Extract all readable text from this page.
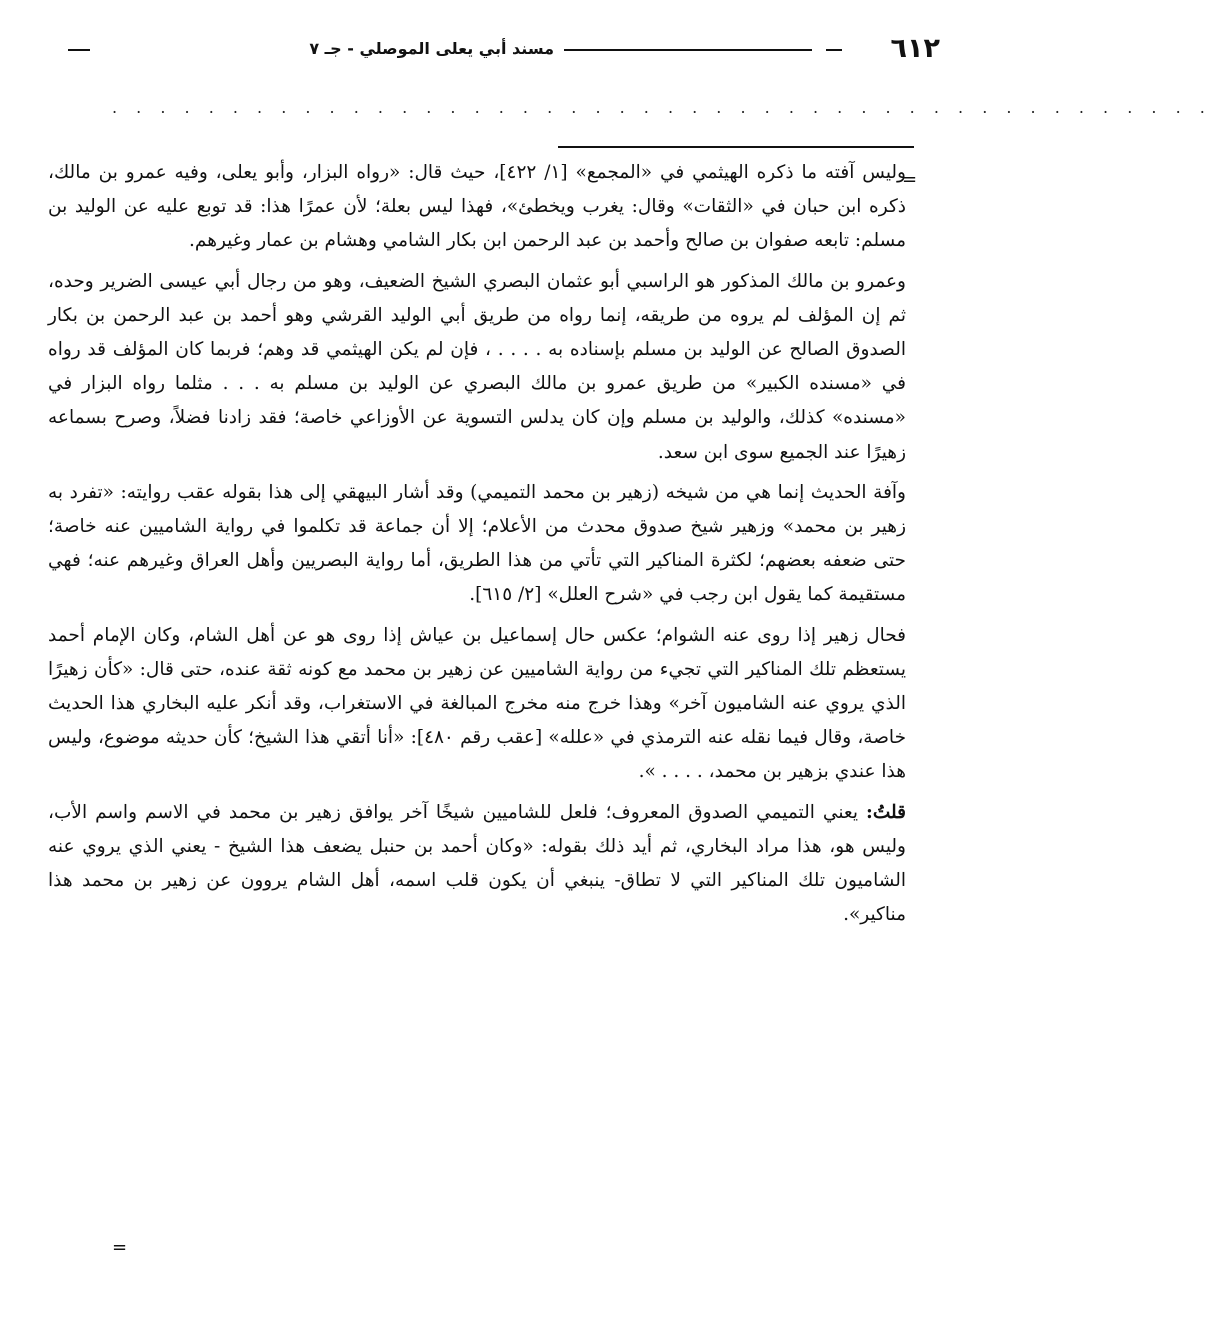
٦١٢
مسند أبي يعلى الموصلي - جـ ٧
. . . . . . . . . . . . . . . . . . . . . . . . . . . . . . . . . . . . . . . . . . . . . .
=

وليس آفته ما ذكره الهيثمي في «المجمع» [١/ ٤٢٢]، حيث قال: «رواه البزار، وأبو يعلى، وفيه عمرو بن مالك، ذكره ابن حبان في «الثقات» وقال: يغرب ويخطئ»، فهذا ليس بعلة؛ لأن عمرًا هذا: قد توبع عليه عن الوليد بن مسلم: تابعه صفوان بن صالح وأحمد بن عبد الرحمن ابن بكار الشامي وهشام بن عمار وغيرهم.

وعمرو بن مالك المذكور هو الراسبي أبو عثمان البصري الشيخ الضعيف، وهو من رجال أبي عيسى الضرير وحده، ثم إن المؤلف لم يروه من طريقه، إنما رواه من طريق أبي الوليد القرشي وهو أحمد بن عبد الرحمن بن بكار الصدوق الصالح عن الوليد بن مسلم بإسناده به . . . . ، فإن لم يكن الهيثمي قد وهم؛ فربما كان المؤلف قد رواه في «مسنده الكبير» من طريق عمرو بن مالك البصري عن الوليد بن مسلم به . . . مثلما رواه البزار في «مسنده» كذلك، والوليد بن مسلم وإن كان يدلس التسوية عن الأوزاعي خاصة؛ فقد زادنا فضلاً، وصرح بسماعه زهيرًا عند الجميع سوى ابن سعد.

وآفة الحديث إنما هي من شيخه (زهير بن محمد التميمي) وقد أشار البيهقي إلى هذا بقوله عقب روايته: «تفرد به زهير بن محمد» وزهير شيخ صدوق محدث من الأعلام؛ إلا أن جماعة قد تكلموا في رواية الشاميين عنه خاصة؛ حتى ضعفه بعضهم؛ لكثرة المناكير التي تأتي من هذا الطريق، أما رواية البصريين وأهل العراق وغيرهم عنه؛ فهي مستقيمة كما يقول ابن رجب في «شرح العلل» [٢/ ٦١٥].

فحال زهير إذا روى عنه الشوام؛ عكس حال إسماعيل بن عياش إذا روى هو عن أهل الشام، وكان الإمام أحمد يستعظم تلك المناكير التي تجيء من رواية الشاميين عن زهير بن محمد مع كونه ثقة عنده، حتى قال: «كأن زهيرًا الذي يروي عنه الشاميون آخر» وهذا خرج منه مخرج المبالغة في الاستغراب، وقد أنكر عليه البخاري هذا الحديث خاصة، وقال فيما نقله عنه الترمذي في «علله» [عقب رقم ٤٨٠]: «أنا أتقي هذا الشيخ؛ كأن حديثه موضوع، وليس هذا عندي بزهير بن محمد، . . . . ».

قلتُ: يعني التميمي الصدوق المعروف؛ فلعل للشاميين شيخًا آخر يوافق زهير بن محمد في الاسم واسم الأب، وليس هو، هذا مراد البخاري، ثم أيد ذلك بقوله: «وكان أحمد بن حنبل يضعف هذا الشيخ - يعني الذي يروي عنه الشاميون تلك المناكير التي لا تطاق- ينبغي أن يكون قلب اسمه، أهل الشام يروون عن زهير بن محمد هذا مناكير».

=
